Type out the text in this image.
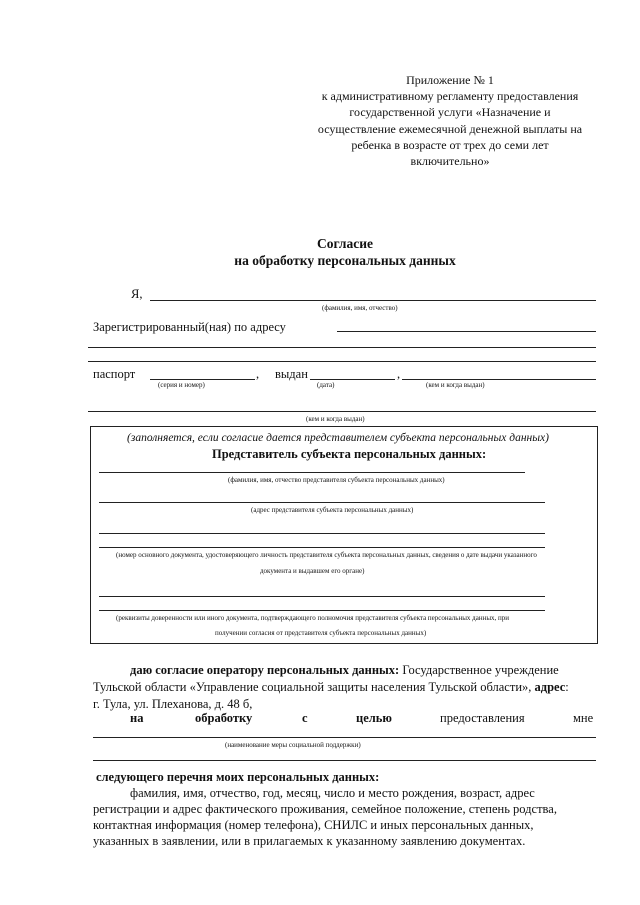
Приложение № 1
к административному регламенту предоставления
государственной услуги «Назначение и
осуществление ежемесячной денежной выплаты на
ребенка в возрасте от трех до семи лет
включительно»
Согласие
на обработку персональных данных
Я,
(фамилия, имя, отчество)
Зарегистрированный(ная) по адресу
паспорт	, выдан	,
(серия и номер)	(дата)	(кем и когда выдан)
(кем и когда выдан)
(заполняется, если согласие дается представителем субъекта персональных данных)
Представитель субъекта персональных данных:
(фамилия, имя, отчество представителя субъекта персональных данных)
(адрес представителя субъекта персональных данных)
(номер основного документа, удостоверяющего личность представителя субъекта персональных данных, сведения о дате выдачи указанного
документа и выдавшем его органе)
(реквизиты доверенности или иного документа, подтверждающего полномочия представителя субъекта персональных данных, при
получении согласия от представителя субъекта персональных данных)
даю согласие оператору персональных данных: Государственное учреждение
Тульской области «Управление социальной защиты населения Тульской области», адрес:
г. Тула, ул. Плеханова, д. 48 б,
на	обработку	с	целью	предоставления	мне
(наименование меры социальной поддержки)
следующего перечня моих персональных данных:
фамилия, имя, отчество, год, месяц, число и место рождения, возраст, адрес
регистрации и адрес фактического проживания, семейное положение, степень родства,
контактная информация (номер телефона), СНИЛС и иных персональных данных,
указанных в заявлении, или в прилагаемых к указанному заявлению документах.
